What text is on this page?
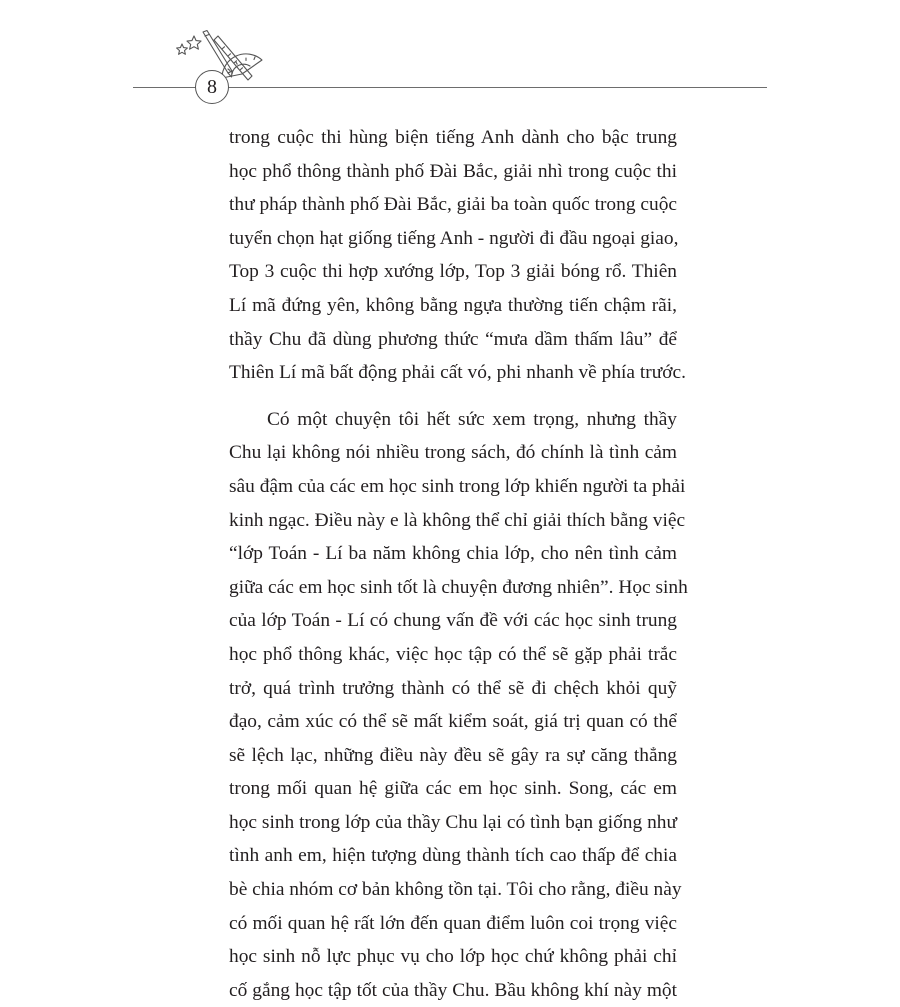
8

trong cuộc thi hùng biện tiếng Anh dành cho bậc trung
học phổ thông thành phố Đài Bắc, giải nhì trong cuộc thi
thư pháp thành phố Đài Bắc, giải ba toàn quốc trong cuộc
tuyển chọn hạt giống tiếng Anh - người đi đầu ngoại giao,
Top 3 cuộc thi hợp xướng lớp, Top 3 giải bóng rổ. Thiên
Lí mã đứng yên, không bằng ngựa thường tiến chậm rãi,
thầy Chu đã dùng phương thức “mưa dầm thấm lâu” để
Thiên Lí mã bất động phải cất vó, phi nhanh về phía trước.

Có một chuyện tôi hết sức xem trọng, nhưng thầy
Chu lại không nói nhiều trong sách, đó chính là tình cảm
sâu đậm của các em học sinh trong lớp khiến người ta phải
kinh ngạc. Điều này e là không thể chỉ giải thích bằng việc
“lớp Toán - Lí ba năm không chia lớp, cho nên tình cảm
giữa các em học sinh tốt là chuyện đương nhiên”. Học sinh
của lớp Toán - Lí có chung vấn đề với các học sinh trung
học phổ thông khác, việc học tập có thể sẽ gặp phải trắc
trở, quá trình trưởng thành có thể sẽ đi chệch khỏi quỹ
đạo, cảm xúc có thể sẽ mất kiểm soát, giá trị quan có thể
sẽ lệch lạc, những điều này đều sẽ gây ra sự căng thẳng
trong mối quan hệ giữa các em học sinh. Song, các em
học sinh trong lớp của thầy Chu lại có tình bạn giống như
tình anh em, hiện tượng dùng thành tích cao thấp để chia
bè chia nhóm cơ bản không tồn tại. Tôi cho rằng, điều này
có mối quan hệ rất lớn đến quan điểm luôn coi trọng việc
học sinh nỗ lực phục vụ cho lớp học chứ không phải chỉ
cố gắng học tập tốt của thầy Chu. Bầu không khí này một
